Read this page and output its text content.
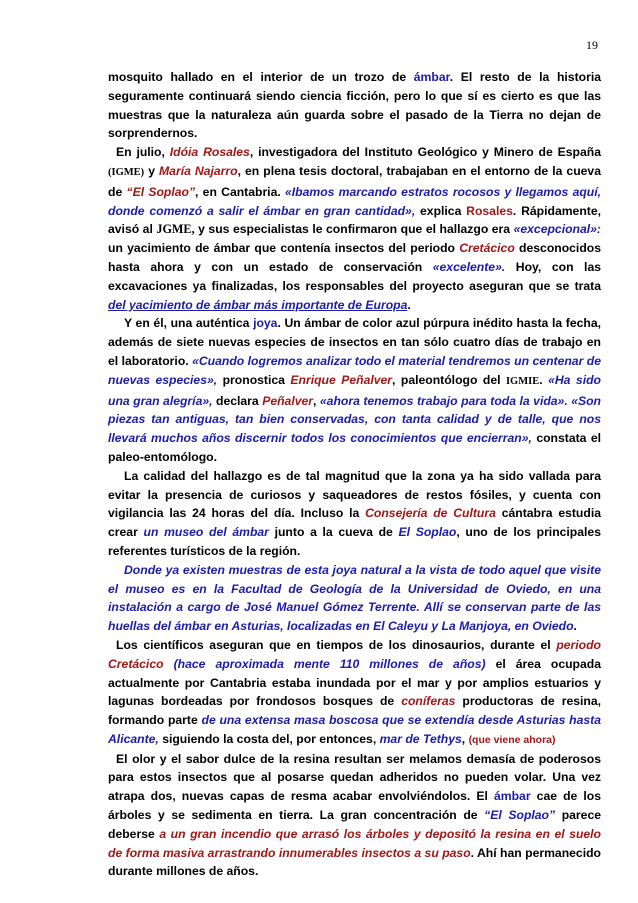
19

mosquito hallado en el interior de un trozo de ámbar. El resto de la historia seguramente continuará siendo ciencia ficción, pero lo que sí es cierto es que las muestras que la naturaleza aún guarda sobre el pasado de la Tierra no dejan de sorprendernos.

En julio, Idóia Rosales, investigadora del Instituto Geológico y Minero de España (IGME) y María Najarro, en plena tesis doctoral, trabajaban en el entorno de la cueva de “El Soplao”, en Cantabria. «Ibamos marcando estratos rocosos y llegamos aquí, donde comenzó a salir el ámbar en gran cantidad», explica Rosales. Rápidamente, avisó al JGME, y sus especialistas le confirmaron que el hallazgo era «excepcional»: un yacimiento de ámbar que contenía insectos del periodo Cretácico desconocidos hasta ahora y con un estado de conservación «excelente». Hoy, con las excavaciones ya finalizadas, los responsables del proyecto aseguran que se trata del yacimiento de ámbar más importante de Europa.

Y en él, una auténtica joya. Un ámbar de color azul púrpura inédito hasta la fecha, además de siete nuevas especies de insectos en tan sólo cuatro días de trabajo en el laboratorio. «Cuando logremos analizar todo el material tendremos un centenar de nuevas especies», pronostica Enrique Peñalver, paleontólogo del IGMIE. «Ha sido una gran alegría», declara Peñalver, «ahora tenemos trabajo para toda la vida». «Son piezas tan antiguas, tan bien conservadas, con tanta calidad y de talle, que nos llevará muchos años discernir todos los conocimientos que encierran», constata el paleo-entomólogo.

La calidad del hallazgo es de tal magnitud que la zona ya ha sido vallada para evitar la presencia de curiosos y saqueadores de restos fósiles, y cuenta con vigilancia las 24 horas del día. Incluso la Consejería de Cultura cántabra estudia crear un museo del ámbar junto a la cueva de El Soplao, uno de los principales referentes turísticos de la región.

Donde ya existen muestras de esta joya natural a la vista de todo aquel que visite el museo es en la Facultad de Geología de la Universidad de Oviedo, en una instalación a cargo de José Manuel Gómez Terrente. Allí se conservan parte de las huellas del ámbar en Asturias, localizadas en El Caleyu y La Manjoya, en Oviedo.

Los científicos aseguran que en tiempos de los dinosaurios, durante el periodo Cretácico (hace aproximada mente 110 millones de años) el área ocupada actualmente por Cantabria estaba inundada por el mar y por amplios estuarios y lagunas bordeadas por frondosos bosques de coníferas productoras de resina, formando parte de una extensa masa boscosa que se extendía desde Asturias hasta Alicante, siguiendo la costa del, por entonces, mar de Tethys, (que viene ahora)

El olor y el sabor dulce de la resina resultan ser melamos demasía de poderosos para estos insectos que al posarse quedan adheridos no pueden volar. Una vez atrapa dos, nuevas capas de resma acabar envolviéndolos. El ámbar cae de los árboles y se sedimenta en tierra. La gran concentración de “El Soplao” parece deberse a un gran incendio que arrasó los árboles y depositó la resina en el suelo de forma masiva arrastrando innumerables insectos a su paso. Ahí han permanecido durante millones de años.
